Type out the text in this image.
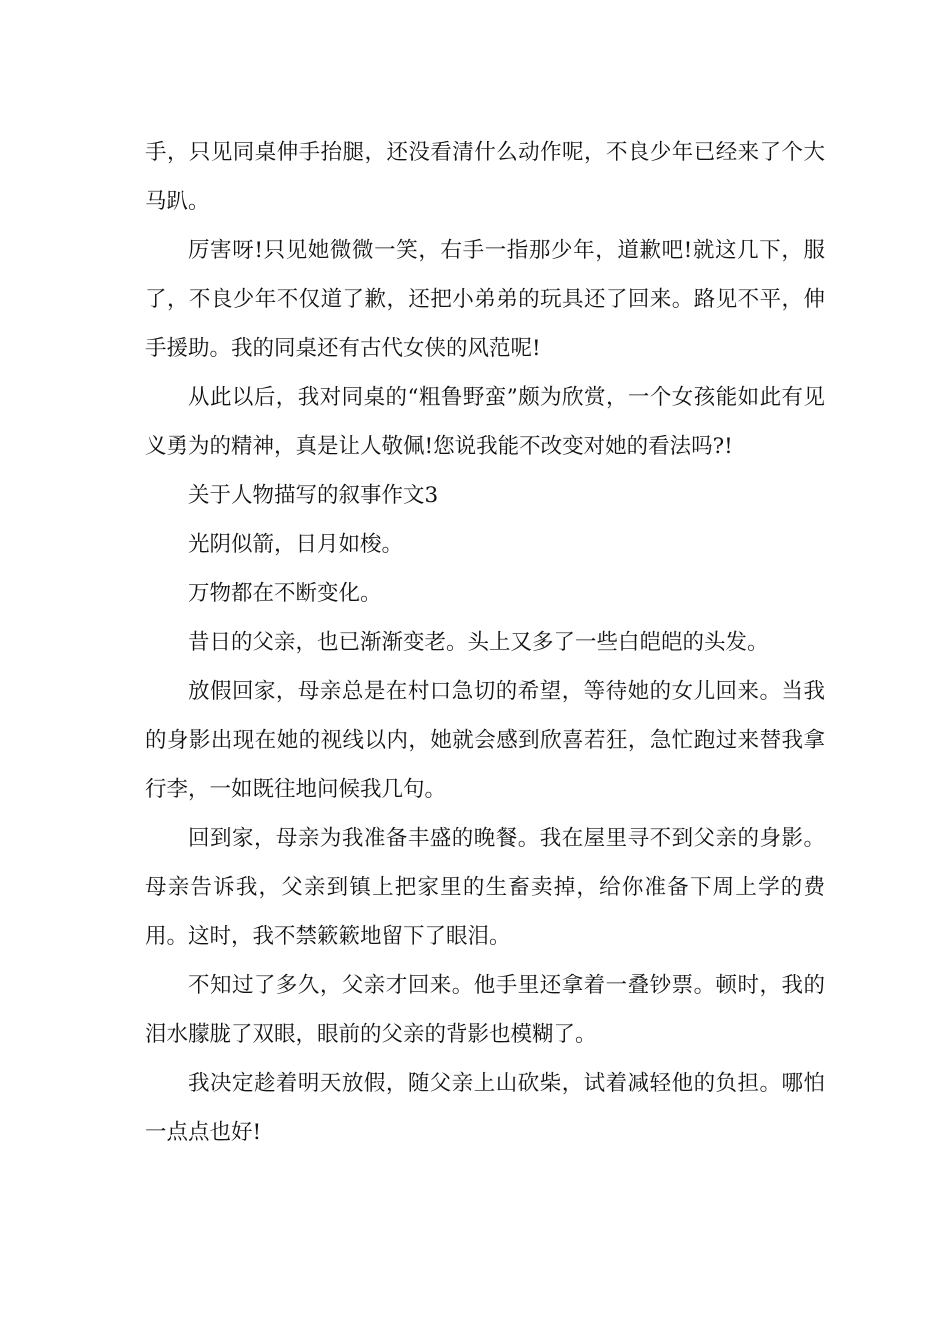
手，只见同桌伸手抬腿，还没看清什么动作呢，不良少年已经来了个大马趴。

厉害呀!只见她微微一笑，右手一指那少年，道歉吧!就这几下，服了，不良少年不仅道了歉，还把小弟弟的玩具还了回来。路见不平，伸手援助。我的同桌还有古代女侠的风范呢!

从此以后，我对同桌的“粗鲁野蛮”颇为欣赏，一个女孩能如此有见义勇为的精神，真是让人敬佩!您说我能不改变对她的看法吗?!

关于人物描写的叙事作文3

光阴似箭，日月如梭。

万物都在不断变化。

昔日的父亲，也已渐渐变老。头上又多了一些白皑皑的头发。

放假回家，母亲总是在村口急切的希望，等待她的女儿回来。当我的身影出现在她的视线以内，她就会感到欣喜若狂，急忙跑过来替我拿行李，一如既往地问候我几句。

回到家，母亲为我准备丰盛的晚餐。我在屋里寻不到父亲的身影。母亲告诉我，父亲到镇上把家里的生畜卖掉，给你准备下周上学的费用。这时，我不禁簌簌地留下了眼泪。

不知过了多久，父亲才回来。他手里还拿着一叠钞票。顿时，我的泪水朦胧了双眼，眼前的父亲的背影也模糊了。

我决定趁着明天放假，随父亲上山砍柴，试着减轻他的负担。哪怕一点点也好!
